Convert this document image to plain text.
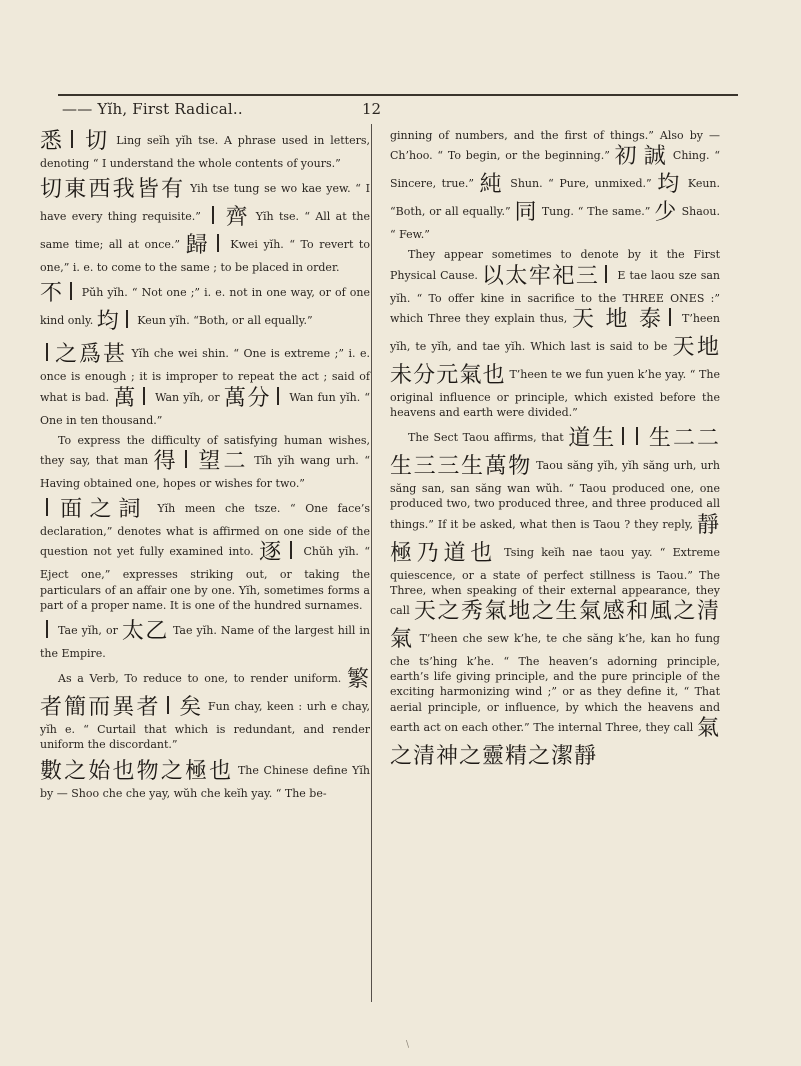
—— Yĭh, First Radical..	12

悉 切 Ling seĭh yĭh tse. A phrase used in letters, denoting “ I understand the whole contents of yours.”

切東西我皆有 Yih tse tung se wo kae yew. “ I have every thing requisite.” 齊 Yĭh tse. “ All at the same time; all at once.” 歸 Kwei yĭh. “ To revert to one,” i. e. to come to the same ; to be placed in order.

不 Pŭh yĭh. “ Not one ;” i. e. not in one way, or of one kind only. 均 Keun yĭh. “Both, or all equally.”

之爲甚 Yĭh che wei shin. “ One is extreme ;” i. e. once is enough ; it is improper to repeat the act ; said of what is bad. 萬 Wan yĭh, or 萬分 Wan fun yĭh. “ One in ten thousand.”

To express the difficulty of satisfying human wishes, they say, that man 得 望二 Tĭh yĭh wang urh. “ Having obtained one, hopes or wishes for two.”

面之詞 Yĭh meen che tsze. “ One face’s declaration,” denotes what is affirmed on one side of the question not yet fully examined into. 逐 Chŭh yĭh. “ Eject one,” expresses striking out, or taking the particulars of an affair one by one. Yĭh, sometimes forms a part of a proper name. It is one of the hundred surnames.

Tae yĭh, or 太乙 Tae yĭh. Name of the largest hill in the Empire.

As a Verb, To reduce to one, to render uniform. 繁者簡而異者 矣 Fun chay, keen : urh e chay, yĭh e. “ Curtail that which is redundant, and render uniform the discordant.”

數之始也物之極也 The Chinese define Yĭh by — Shoo che che yay, wŭh che keĭh yay. “ The be-

ginning of numbers, and the first of things.” Also by — Ch’hoo. “ To begin, or the beginning.” 初 誠 Ching. “ Sincere, true.” 純 Shun. “ Pure, unmixed.” 均 Keun. “Both, or all equally.” 同 Tung. “ The same.” 少 Shaou. “ Few.”

They appear sometimes to denote by it the First Physical Cause. 以太牢祀三 E tae laou sze san yĭh. “ To offer kine in sacrifice to the THREE ONES :” which Three they explain thus, 天 地 泰 T’heen yĭh, te yĭh, and tae yĭh. Which last is said to be 天地未分元氣也 T’heen te we fun yuen k’he yay. “ The original influence or principle, which existed before the heavens and earth were divided.”

The Sect Taou affirms, that 道生 生二二生三三生萬物 Taou săng yĭh, yĭh săng urh, urh săng san, san săng wan wŭh. “ Taou produced one, one produced two, two produced three, and three produced all things.” If it be asked, what then is Taou ? they reply, 靜極乃道也 Tsing keĭh nae taou yay. “ Extreme quiescence, or a state of perfect stillness is Taou.” The Three, when speaking of their external appearance, they call 天之秀氣地之生氣感和風之清氣 T’heen che sew k’he, te che săng k’he, kan ho fung che ts’hing k’he. “ The heaven’s adorning principle, earth’s life giving principle, and the pure principle of the exciting harmonizing wind ;” or as they define it, “ That aerial principle, or influence, by which the heavens and earth act on each other.” The internal Three, they call 氣之清神之靈精之潔靜

\
